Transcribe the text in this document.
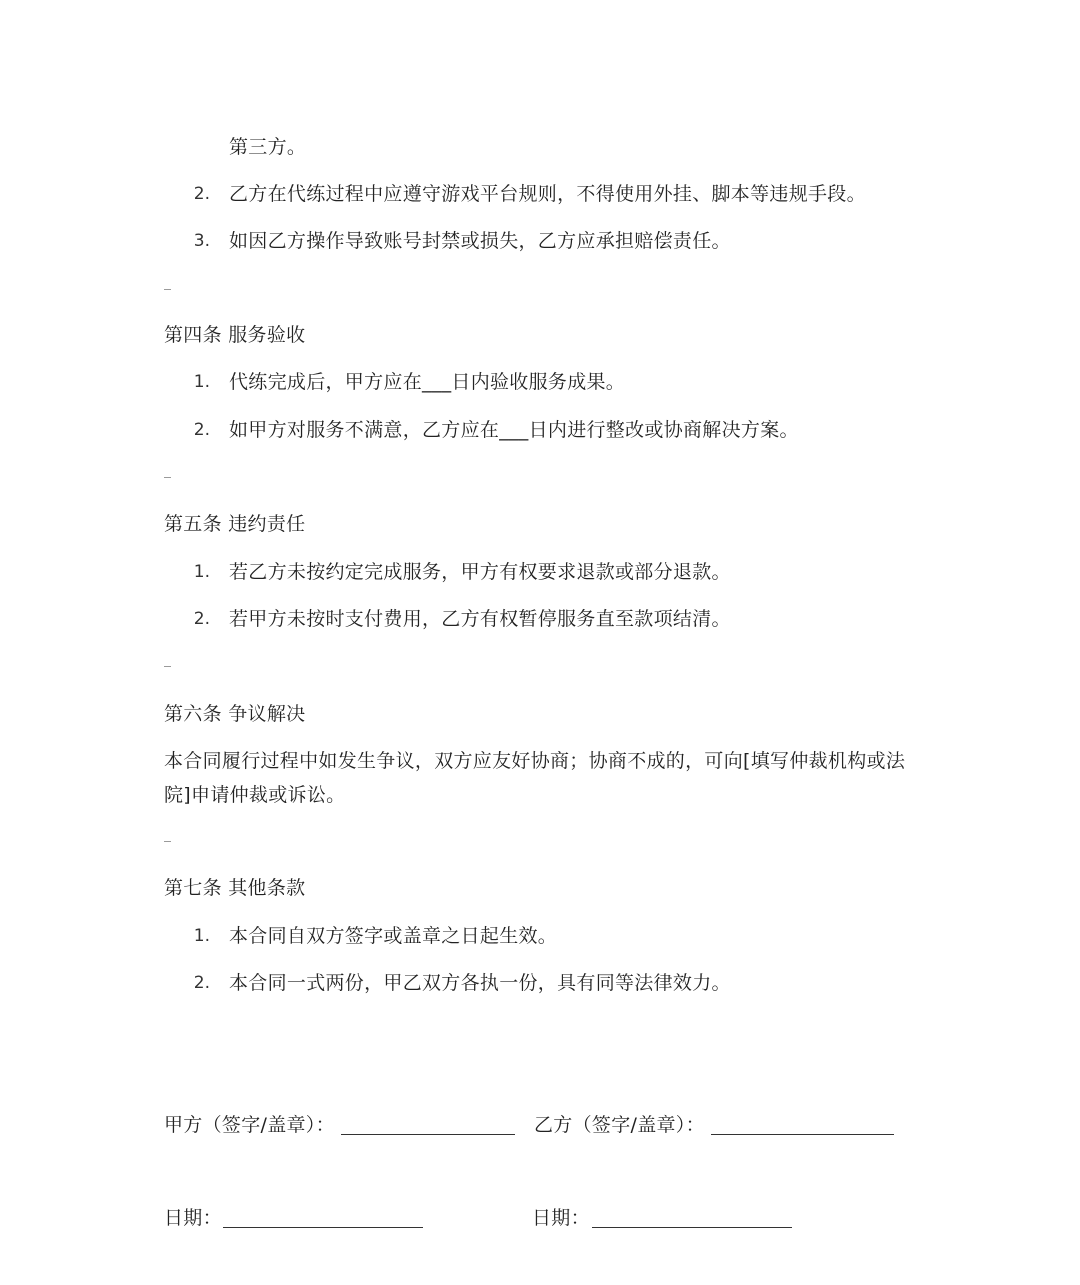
第三方。
2. 乙方在代练过程中应遵守游戏平台规则，不得使用外挂、脚本等违规手段。
3. 如因乙方操作导致账号封禁或损失，乙方应承担赔偿责任。
第四条 服务验收
1. 代练完成后，甲方应在___日内验收服务成果。
2. 如甲方对服务不满意，乙方应在___日内进行整改或协商解决方案。
第五条 违约责任
1. 若乙方未按约定完成服务，甲方有权要求退款或部分退款。
2. 若甲方未按时支付费用，乙方有权暂停服务直至款项结清。
第六条 争议解决
本合同履行过程中如发生争议，双方应友好协商；协商不成的，可向[填写仲裁机构或法院]申请仲裁或诉讼。
第七条 其他条款
1. 本合同自双方签字或盖章之日起生效。
2. 本合同一式两份，甲乙双方各执一份，具有同等法律效力。
甲方（签字/盖章）：	乙方（签字/盖章）：
日期：	日期：
